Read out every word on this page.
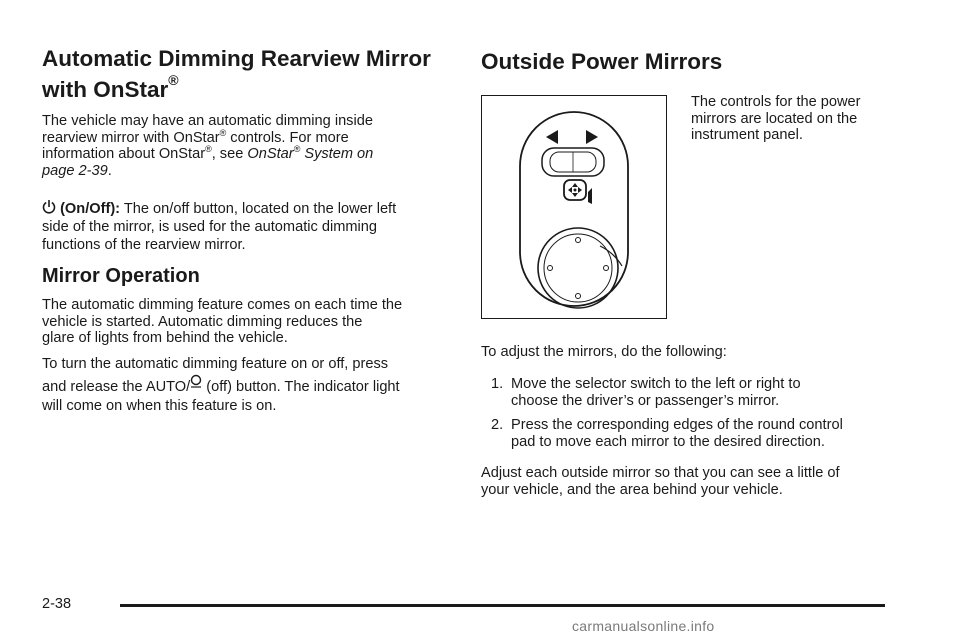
Automatic Dimming Rearview Mirror
with OnStar®

The vehicle may have an automatic dimming inside
rearview mirror with OnStar® controls. For more
information about OnStar®, see OnStar® System on
page 2-39.

(On/Off): The on/off button, located on the lower left
side of the mirror, is used for the automatic dimming
functions of the rearview mirror.

Mirror Operation

The automatic dimming feature comes on each time the
vehicle is started. Automatic dimming reduces the
glare of lights from behind the vehicle.

To turn the automatic dimming feature on or off, press
and release the AUTO/ (off) button. The indicator light
will come on when this feature is on.

Outside Power Mirrors

The controls for the power
mirrors are located on the
instrument panel.

To adjust the mirrors, do the following:

1. Move the selector switch to the left or right to
choose the driver’s or passenger’s mirror.
2. Press the corresponding edges of the round control
pad to move each mirror to the desired direction.

Adjust each outside mirror so that you can see a little of
your vehicle, and the area behind your vehicle.

2-38
carmanualsonline.info
